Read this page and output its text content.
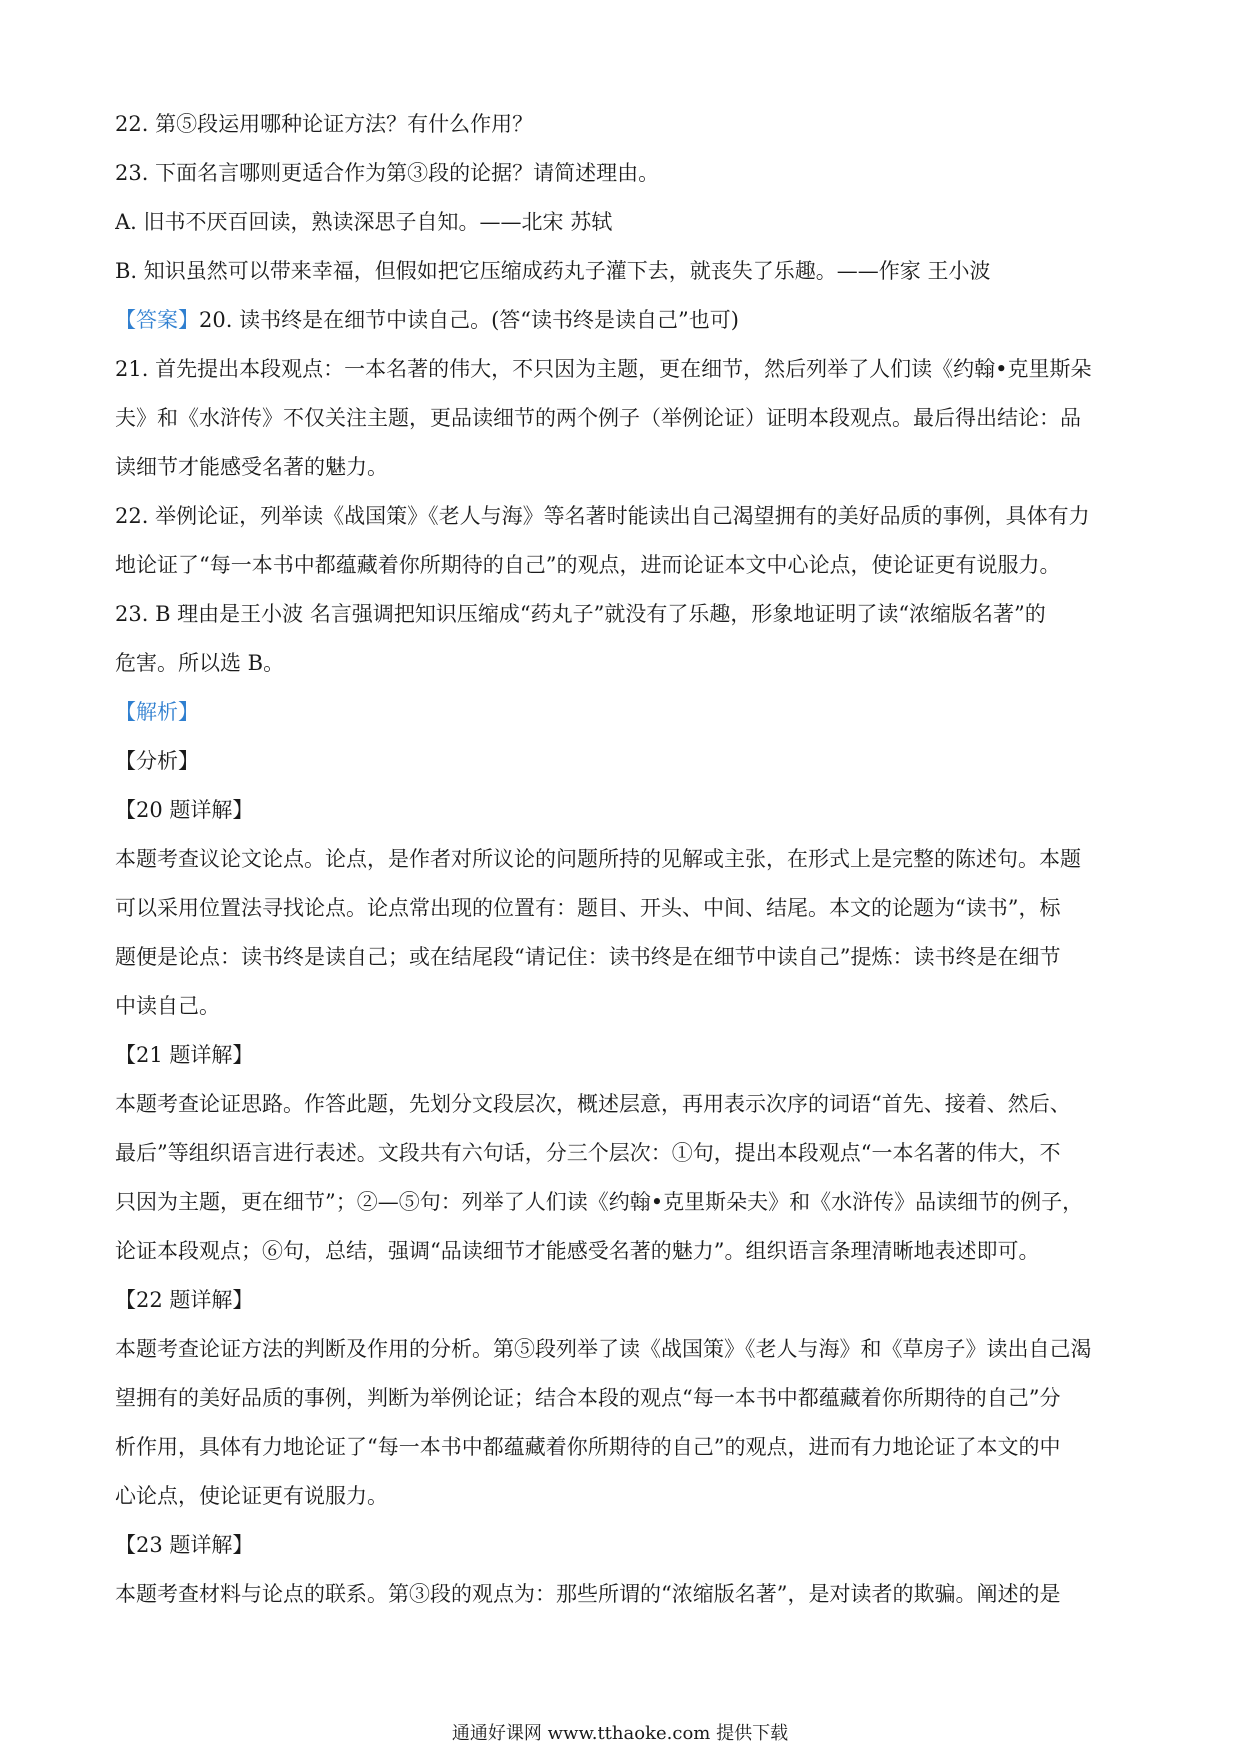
22. 第⑤段运用哪种论证方法？有什么作用？
23. 下面名言哪则更适合作为第③段的论据？请简述理由。
A. 旧书不厌百回读，熟读深思子自知。——北宋 苏轼
B. 知识虽然可以带来幸福，但假如把它压缩成药丸子灌下去，就丧失了乐趣。——作家 王小波
【答案】20. 读书终是在细节中读自己。(答“读书终是读自己”也可)
21. 首先提出本段观点：一本名著的伟大，不只因为主题，更在细节，然后列举了人们读《约翰•克里斯朵
夫》和《水浒传》不仅关注主题，更品读细节的两个例子（举例论证）证明本段观点。最后得出结论：品
读细节才能感受名著的魅力。
22. 举例论证，列举读《战国策》《老人与海》等名著时能读出自己渴望拥有的美好品质的事例，具体有力
地论证了“每一本书中都蕴藏着你所期待的自己”的观点，进而论证本文中心论点，使论证更有说服力。
23. B 理由是王小波 名言强调把知识压缩成“药丸子”就没有了乐趣，形象地证明了读“浓缩版名著”的
危害。所以选 B。
【解析】
【分析】
【20 题详解】
本题考查议论文论点。论点，是作者对所议论的问题所持的见解或主张，在形式上是完整的陈述句。本题
可以采用位置法寻找论点。论点常出现的位置有：题目、开头、中间、结尾。本文的论题为“读书”，标
题便是论点：读书终是读自己；或在结尾段“请记住：读书终是在细节中读自己”提炼：读书终是在细节
中读自己。
【21 题详解】
本题考查论证思路。作答此题，先划分文段层次，概述层意，再用表示次序的词语“首先、接着、然后、
最后”等组织语言进行表述。文段共有六句话，分三个层次：①句，提出本段观点“一本名著的伟大，不
只因为主题，更在细节”；②—⑤句：列举了人们读《约翰•克里斯朵夫》和《水浒传》品读细节的例子，
论证本段观点；⑥句，总结，强调“品读细节才能感受名著的魅力”。组织语言条理清晰地表述即可。
【22 题详解】
本题考查论证方法的判断及作用的分析。第⑤段列举了读《战国策》《老人与海》和《草房子》读出自己渴
望拥有的美好品质的事例，判断为举例论证；结合本段的观点“每一本书中都蕴藏着你所期待的自己”分
析作用，具体有力地论证了“每一本书中都蕴藏着你所期待的自己”的观点，进而有力地论证了本文的中
心论点，使论证更有说服力。
【23 题详解】
本题考查材料与论点的联系。第③段的观点为：那些所谓的“浓缩版名著”，是对读者的欺骗。阐述的是
通通好课网 www.tthaoke.com 提供下载
